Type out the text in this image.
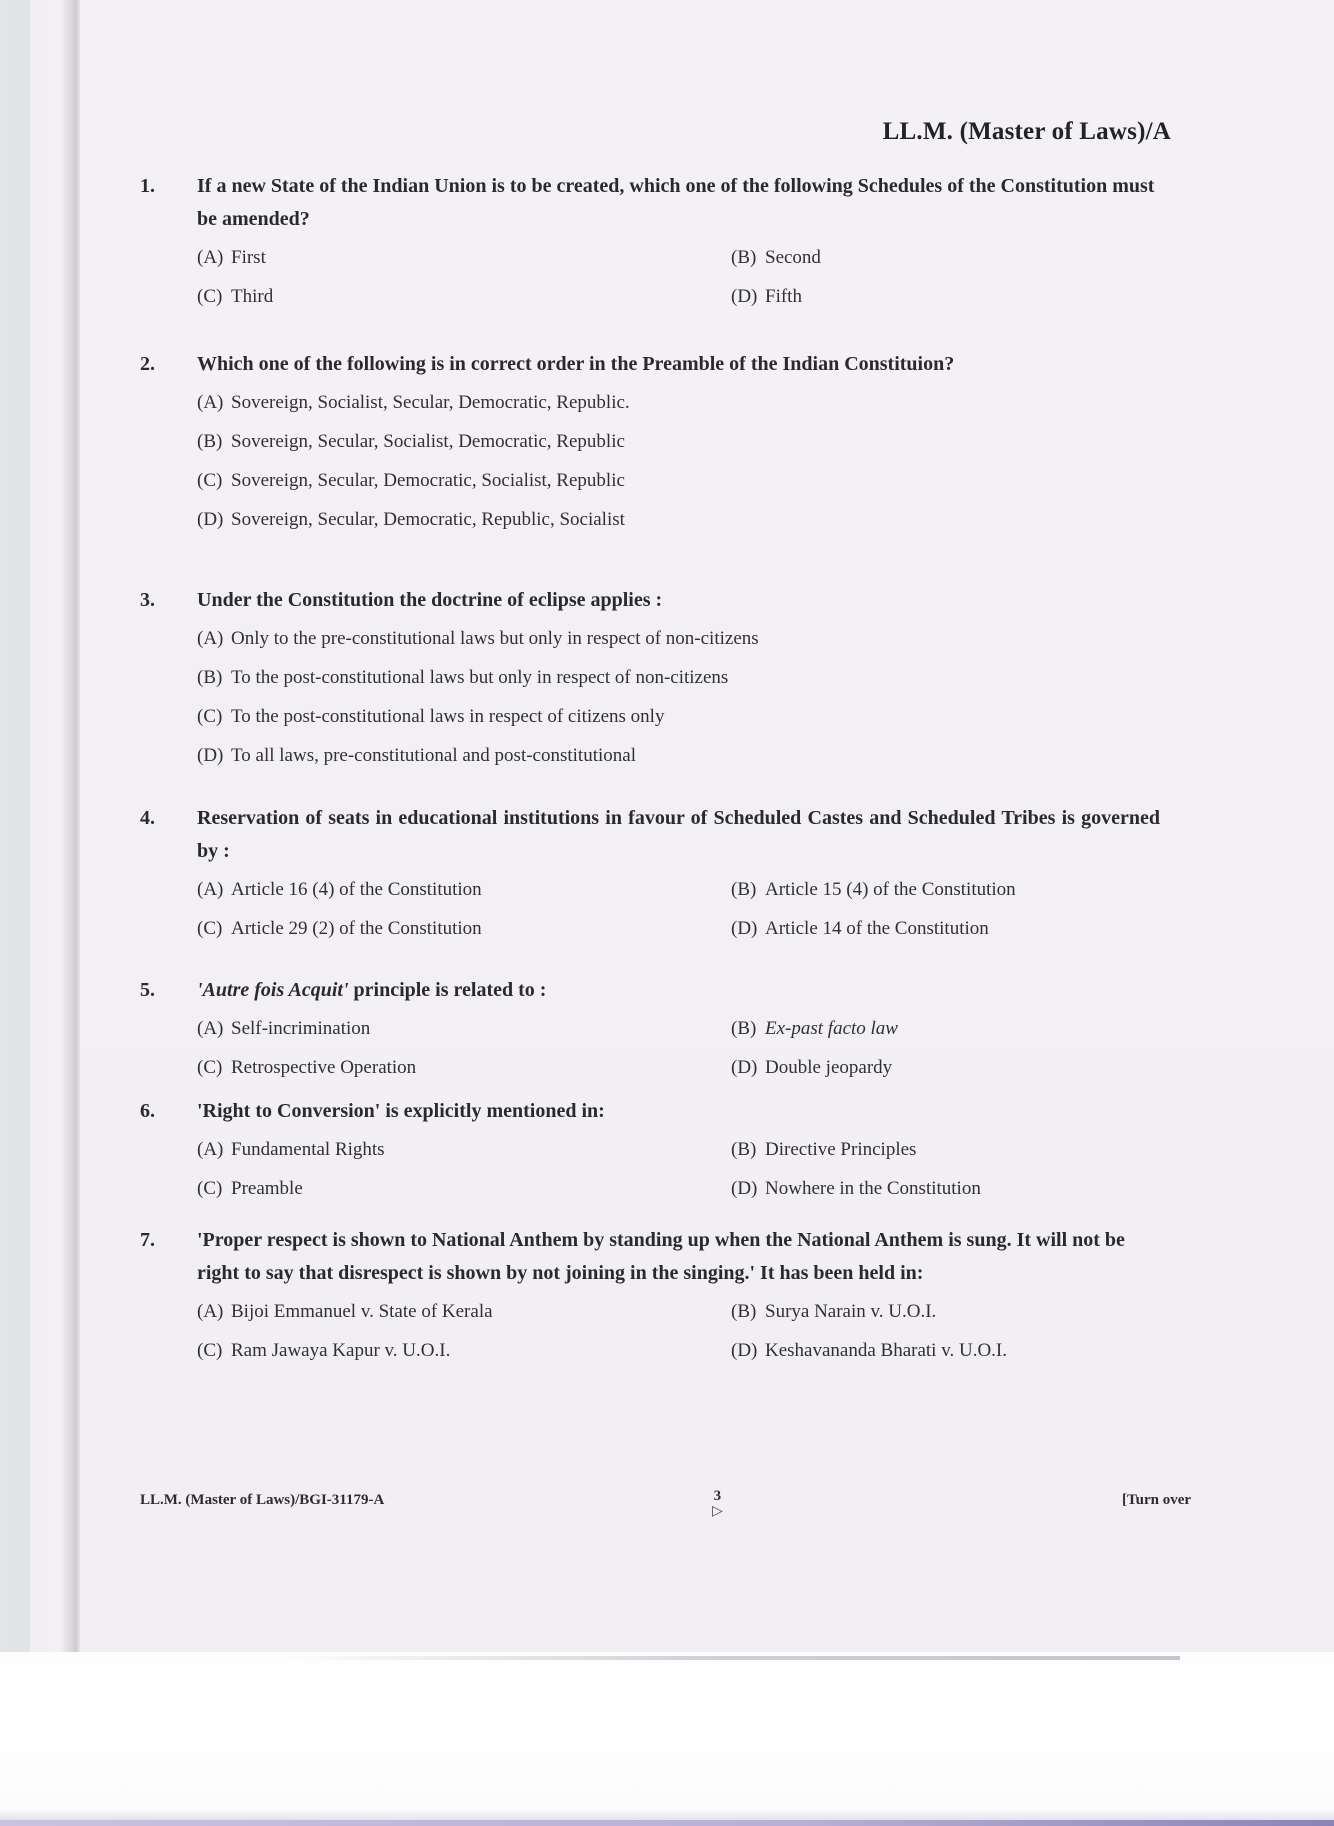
LL.M. (Master of Laws)/A
1.	If a new State of the Indian Union is to be created, which one of the following Schedules of the Constitution must be amended?
(A) First	(B) Second
(C) Third	(D) Fifth
2.	Which one of the following is in correct order in the Preamble of the Indian Constituion?
(A) Sovereign, Socialist, Secular, Democratic, Republic.
(B) Sovereign, Secular, Socialist, Democratic, Republic
(C) Sovereign, Secular, Democratic, Socialist, Republic
(D) Sovereign, Secular, Democratic, Republic, Socialist
3.	Under the Constitution the doctrine of eclipse applies :
(A) Only to the pre-constitutional laws but only in respect of non-citizens
(B) To the post-constitutional laws but only in respect of non-citizens
(C) To the post-constitutional laws in respect of citizens only
(D) To all laws, pre-constitutional and post-constitutional
4.	Reservation of seats in educational institutions in favour of Scheduled Castes and Scheduled Tribes is governed by :
(A) Article 16 (4) of the Constitution	(B) Article 15 (4) of the Constitution
(C) Article 29 (2) of the Constitution	(D) Article 14 of the Constitution
5.	'Autre fois Acquit' principle is related to :
(A) Self-incrimination	(B) Ex-past facto law
(C) Retrospective Operation	(D) Double jeopardy
6.	'Right to Conversion' is explicitly mentioned in:
(A) Fundamental Rights	(B) Directive Principles
(C) Preamble	(D) Nowhere in the Constitution
7.	'Proper respect is shown to National Anthem by standing up when the National Anthem is sung. It will not be right to say that disrespect is shown by not joining in the singing.' It has been held in:
(A) Bijoi Emmanuel v. State of Kerala	(B) Surya Narain v. U.O.I.
(C) Ram Jawaya Kapur v. U.O.I.	(D) Keshavananda Bharati v. U.O.I.
LL.M. (Master of Laws)/BGI-31179-A	3
▷
[Turn over
